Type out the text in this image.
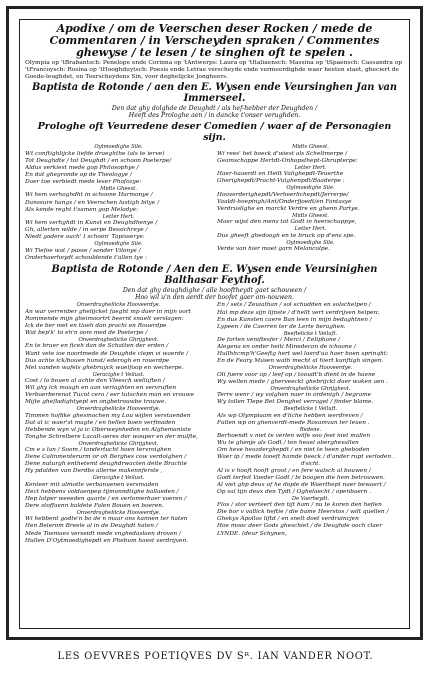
Apodixe / om de Veerschen deser Rocken / mede de Commentaren / in Verscheyden spraken / Commentes ghewyse / te lesen / te singhen oft te spelen .
Olympia op 'tBrabantsch: Penelope ende Corinna op 'tAntwerps: Laura op 'tItaliaensch: Massina op 'tSpaensch: Cassandra op 'tFrancoysch: Rosina op 'tHooghduytsch: Poesis ende Letrae verscheyde ende vermeerdighde waer heeten staet, gheciert de Goede-leughdet, en Teerscheydens Sin, voor deghelijcke Jongheers.
Baptista de Rotonde / aen den E. Wysen ende Veursinghen Jan van Immerseel.
Den dat ghy dolghde de Deughdt / als hef-hebber der Deughden /
Heeft des Prologhe aen / in dancke t'onser verughden.
Prologhe oft Veurredene deser Comedien / waer af de Personagien sijn.
Oytmoedighe Sile.
Wt conftighlijcke liefde draeghthe (als te ierve)
Tot Deughdte / tot Deughdt / en schoon Poeterpe/
Aldus verkiest mede gop Philosophye /
En dat ghegronde op de Theologye /
Daer toe verbiedt mede leser Phofozye:
Midts Gheest.
Wi hem verhoghdht in schoone Harmonye /
Danssure hangs / en Veerschen lustigh bilye /
Als kende reght t'samen gop Melodye:
Letter Hert.
Wi hem verhghdt in Kunst en Deughdhenye /
Gh, allerlen wilde / in serpe Bessichreye /
Niedt gadere ouch' t schoon' Tapisserye:
Oytmoedighe Sile.
Wi Tiefoe wat / passe / sonder Vilonye /
Onderhaerheydt schouldende t'allen tye :
Midts Gheest.
Wi rees' het boeck d'wiest als Scheltmerpe /
Geamschappe Hertdt-Onhopsthept-Ghrupterpe:
Letter Hert.
Haer-haaerdt en Heilt Valighepdt-Teuerthe
Gherighepdt/Pracht-Vulghenpdt/Baaderpe :
Oytmoedighe Sile.
Hooverderighepdt/Verheerlichepdt/Jerrerpe/
Vaaldt-hoepingh/Ant/Onderfjoedt/en Fantasye
Verdruslighe en marckt Verdre en ghenn Partye.
Midts Gheest.
Maer wijst den mens tot Godt in heerschappye,
Letter Hert.
Dus gheeft ghedoogh en te bruck op d'ens spe.
Oytmoedighe Sile.
Verde van hier moet garn Melancolpe.
Baptista de Rotonde / Aen den E. Wysen ende Veursinighen Balthasar Feythof.
Den dat ghy deughdighe / alle hooftheydt gaet schouwen /
Hoo wil u'n den aerdt der boofet gaer om-nouwen.
Onverdragheliicke Hooveerdye.
An war verrenber ghelijcket faeght mp daer in mijn oort
Rommende mijn gheimoortrt beernt snuelt verslagen:
Ick de ber met en tlaeh dan prachi en Rouerdpe
Wat bep'k' to eh'n oom med de Poeterpe /
Onverdragheliicke Ghrijghevt.
En te bruer en ficeh dan de Schatten der erden /
Want vete ioe noortmede de Deughde clepn vi waerde /
Dus achte ick/bouen hunst/ ederogh en rouerdpe
Met vanden wafels ghebruyck wuelfoop en wecherpe.
Geracighe t Veilust.
Cost / lo bouen al achte den Vleesch welluften /
Wil ghy ick maagh en aan veriaghten en vervruften
Verbaerberenat Tucot cera / eer tutschen man en vrouwe
Mijte ghefladightyept en ongbetrouwbe trouwe.
Onverdragheliicke Hooveerdye.
Timmen hoflike ghesmochen my Lou wijlen verstaenden
Dat al ic waer'st magte / en hellen boen verfmaden
Hebbende wyn vi ja ic Oberweynheden en Alghemaniste
Tonghe Schrelbere Lacalt-aeres der wouper en der mulfte,
Onverdragheliicke Ghrijghevt.
Cm e s lan / Soom / tondertucht hoen tervroighen
Dene Calinmenterurm or oh Berghes cow verdoighen /
Dene naturgh enthetemt deughdrwacten deite Brachte
Hy pdalden van Derdbs allerne makennferste ,
Geracighe t Veilust.
Kenteer mit almotte verbanuenen versmaden
Hect hebbens voldaenpep tijmonndtighe ballaeden /
Hep lotper weeeden quarte / en verlomerhaer voeren /
Dere stoffaenn baldete Falen Bouen en boeren.
Onverdragheliicke Hooveerdye.
Wi hebbent godte'n bo de n maar ons kannen ter haten
Hen Belerom Breele al in de Deughdt haten /
Mede Toemaes verseidt mede vnghedaslaen droven /
Hullen D'Oytmoedighepdt en Phebum haest verdrijven.
En / sets / Zeuiathan / sol schudden en solschelpen /
Hal mp deze sijn lijnste / d'hellt vert verdrijven helpen:
En dus Kunsten caere Ban leen in mijn bedaghtnen /
Lypeen / de Caerren ter de Lerte beraghen.
Beeftelicke t Veiluft.
De forten veniftesfer / Merci / Eeliphone /
Alegena en onder heiti Minedecon de ichoone /
Hullhhcmp'h'Geeftg hert wel laerd'ua haer boen sprinqht:
En de Feary Musen wath mecht al hiert kunftigh singen.
Onverdragheliicke Hooveerdye.
Oli fuere voor op / leef op / tooudt'b dient in de haene
Wy wellen mede / gherveeckt ghebrijckt daer waken aen .
Onverdragheliicke Ghrijghevt.
Terre wenr / wy volghen naer in ordenigh / begrame
Wy tollen Tlepe Bet Denghet verraget / finder blame.
Beeftelicke t Veiluft.
Als wp Olympiaam en d'liche hebben werdreven /
Fullen wp on ghenverdt-mede Rosamvun ter leuen .
Redene.
Berhoendt v niet te verlen wilfe soo feet niet mallen
Wu te ghenje als Godt / ten heuel oberghevallen
Om heve heozderghepdt / en niet te heen gheboden
Waer ip / mede tooeft hamde beeck / d'ander rupt verloden .
d'sicht.
Al is v hooft hooft groot / en fere walsch al bouwen /
Godt terfeit Vaeder Godt / bi boogen die hem betrouwen.
Al viet ghp deux of he dople de Waerthept naer bewaert /
Op sal tijn deux den Tydt / Oghelaecht / openbaern .
De Vaerheydt.
Flos / stor verteert den tijt ham / nu te koren den heflen
Die bor v vallick heftie / die bame Heerstos / wilt quellen /
Ghekys Apollos liftd / en snelt doet verdruincjen
Hoe mooc deer Gods gheschiet / de Deughde ooch claer
LYNDE. (deur Schynen,
LES OEVVRES POETIQVES DV Sᴿ. IAN VANDER NOOT.
